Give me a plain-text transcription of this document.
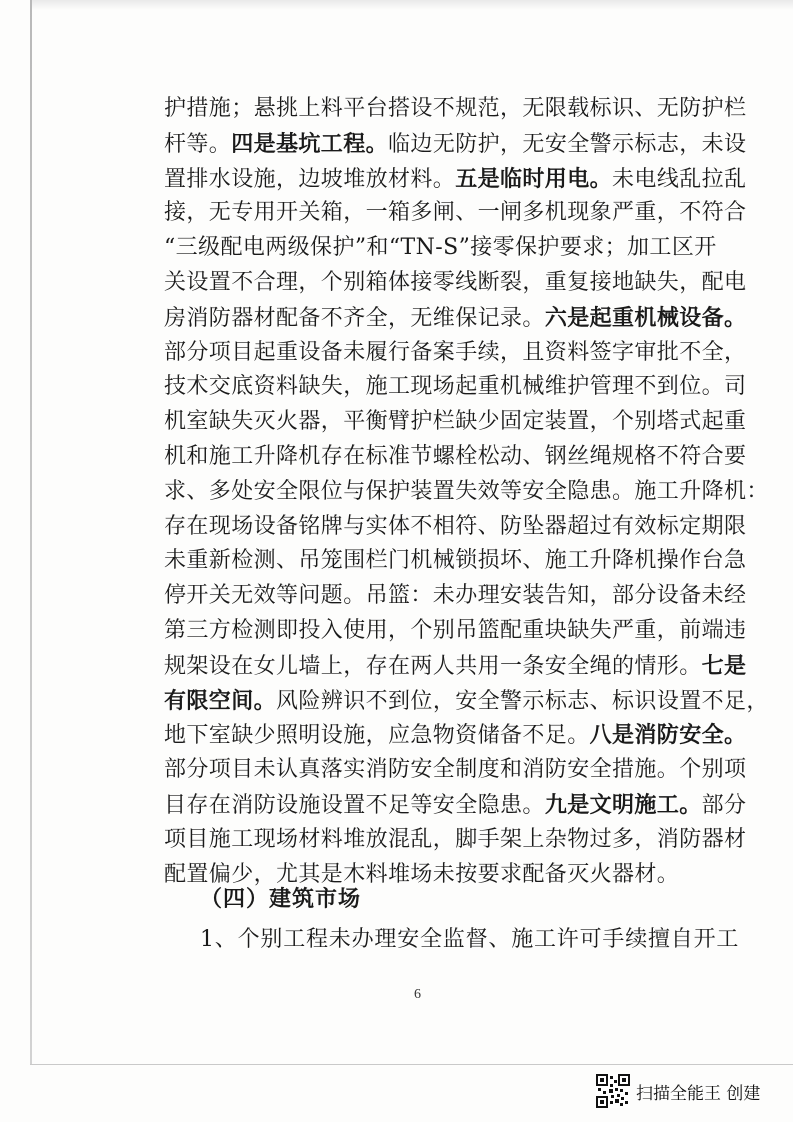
护措施；悬挑上料平台搭设不规范，无限载标识、无防护栏
杆等。四是基坑工程。临边无防护，无安全警示标志，未设
置排水设施，边坡堆放材料。五是临时用电。未电线乱拉乱
接，无专用开关箱，一箱多闸、一闸多机现象严重，不符合
“三级配电两级保护”和“TN-S”接零保护要求；加工区开
关设置不合理，个别箱体接零线断裂，重复接地缺失，配电
房消防器材配备不齐全，无维保记录。六是起重机械设备。
部分项目起重设备未履行备案手续，且资料签字审批不全，
技术交底资料缺失，施工现场起重机械维护管理不到位。司
机室缺失灭火器，平衡臂护栏缺少固定装置，个别塔式起重
机和施工升降机存在标准节螺栓松动、钢丝绳规格不符合要
求、多处安全限位与保护装置失效等安全隐患。施工升降机：
存在现场设备铭牌与实体不相符、防坠器超过有效标定期限
未重新检测、吊笼围栏门机械锁损坏、施工升降机操作台急
停开关无效等问题。吊篮：未办理安装告知，部分设备未经
第三方检测即投入使用，个别吊篮配重块缺失严重，前端违
规架设在女儿墙上，存在两人共用一条安全绳的情形。七是
有限空间。风险辨识不到位，安全警示标志、标识设置不足，
地下室缺少照明设施，应急物资储备不足。八是消防安全。
部分项目未认真落实消防安全制度和消防安全措施。个别项
目存在消防设施设置不足等安全隐患。九是文明施工。部分
项目施工现场材料堆放混乱，脚手架上杂物过多，消防器材
配置偏少，尤其是木料堆场未按要求配备灭火器材。
（四）建筑市场
1、个别工程未办理安全监督、施工许可手续擅自开工
6
扫描全能王 创建
